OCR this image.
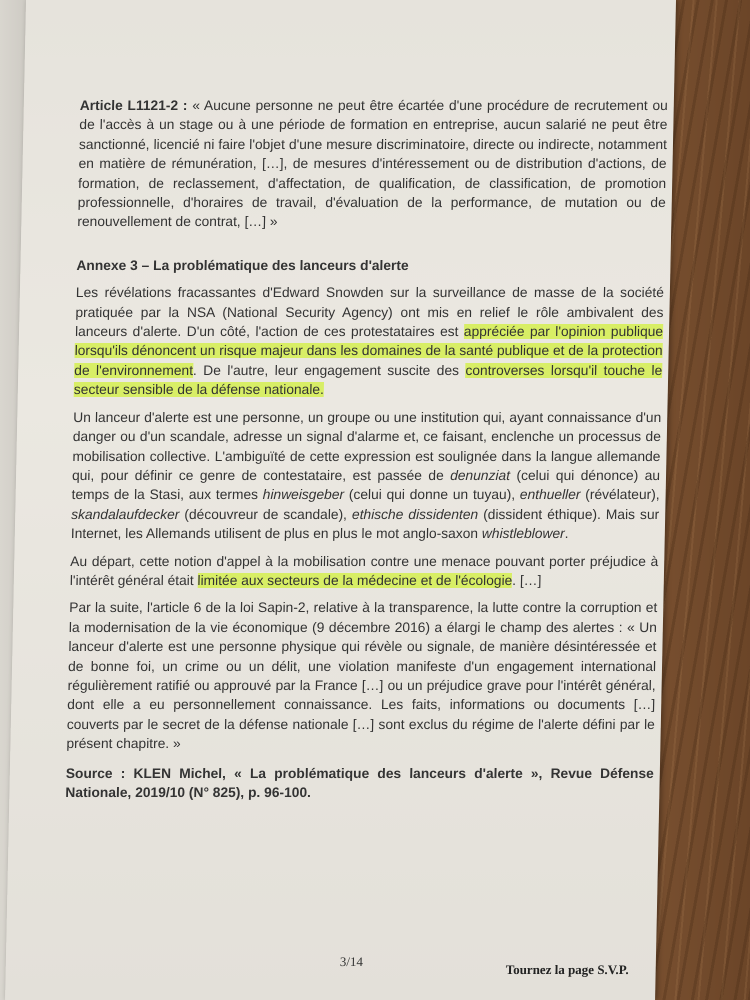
Article L1121-2 : « Aucune personne ne peut être écartée d'une procédure de recrutement ou de l'accès à un stage ou à une période de formation en entreprise, aucun salarié ne peut être sanctionné, licencié ni faire l'objet d'une mesure discriminatoire, directe ou indirecte, notamment en matière de rémunération, […], de mesures d'intéressement ou de distribution d'actions, de formation, de reclassement, d'affectation, de qualification, de classification, de promotion professionnelle, d'horaires de travail, d'évaluation de la performance, de mutation ou de renouvellement de contrat, […] »

Annexe 3 – La problématique des lanceurs d'alerte

Les révélations fracassantes d'Edward Snowden sur la surveillance de masse de la société pratiquée par la NSA (National Security Agency) ont mis en relief le rôle ambivalent des lanceurs d'alerte. D'un côté, l'action de ces protestataires est appréciée par l'opinion publique lorsqu'ils dénoncent un risque majeur dans les domaines de la santé publique et de la protection de l'environnement. De l'autre, leur engagement suscite des controverses lorsqu'il touche le secteur sensible de la défense nationale.

Un lanceur d'alerte est une personne, un groupe ou une institution qui, ayant connaissance d'un danger ou d'un scandale, adresse un signal d'alarme et, ce faisant, enclenche un processus de mobilisation collective. L'ambiguïté de cette expression est soulignée dans la langue allemande qui, pour définir ce genre de contestataire, est passée de denunziat (celui qui dénonce) au temps de la Stasi, aux termes hinweisgeber (celui qui donne un tuyau), enthueller (révélateur), skandalaufdecker (découvreur de scandale), ethische dissidenten (dissident éthique). Mais sur Internet, les Allemands utilisent de plus en plus le mot anglo-saxon whistleblower.

Au départ, cette notion d'appel à la mobilisation contre une menace pouvant porter préjudice à l'intérêt général était limitée aux secteurs de la médecine et de l'écologie. […]

Par la suite, l'article 6 de la loi Sapin-2, relative à la transparence, la lutte contre la corruption et la modernisation de la vie économique (9 décembre 2016) a élargi le champ des alertes : « Un lanceur d'alerte est une personne physique qui révèle ou signale, de manière désintéressée et de bonne foi, un crime ou un délit, une violation manifeste d'un engagement international régulièrement ratifié ou approuvé par la France […] ou un préjudice grave pour l'intérêt général, dont elle a eu personnellement connaissance. Les faits, informations ou documents […] couverts par le secret de la défense nationale […] sont exclus du régime de l'alerte défini par le présent chapitre. »

Source : KLEN Michel, « La problématique des lanceurs d'alerte », Revue Défense Nationale, 2019/10 (N° 825), p. 96-100.

3/14
Tournez la page S.V.P.
